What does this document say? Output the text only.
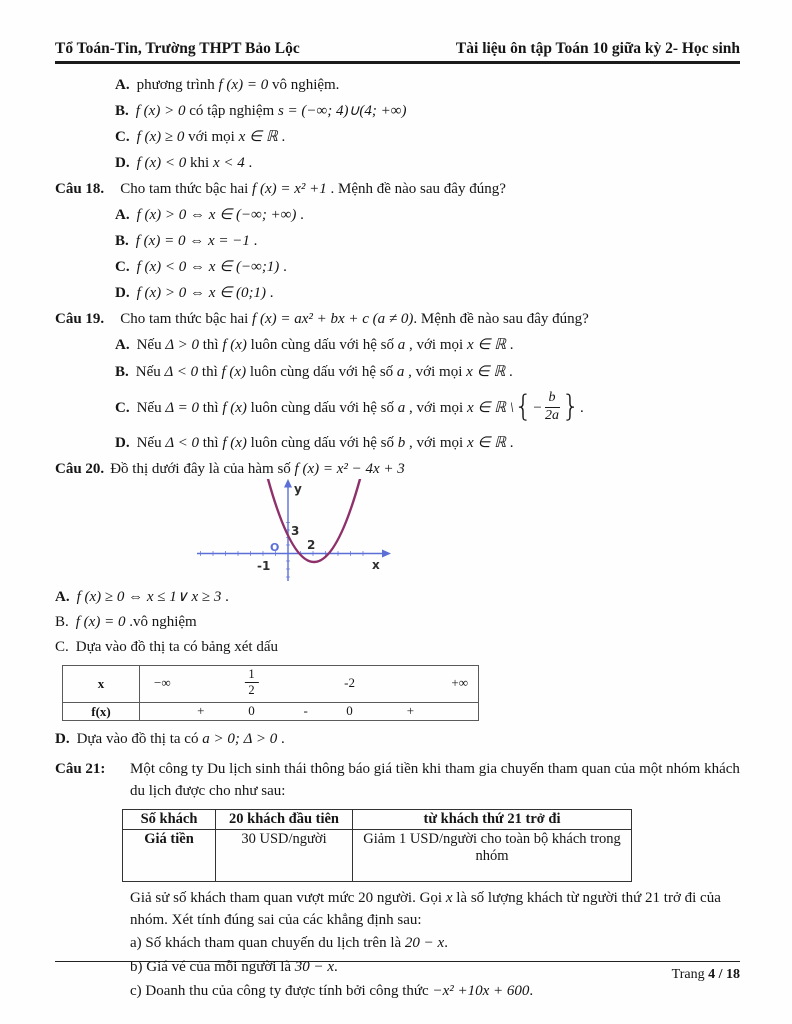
Tổ Toán-Tin, Trường THPT Bảo Lộc	Tài liệu ôn tập Toán 10 giữa kỳ 2- Học sinh
A. phương trình f (x) = 0 vô nghiệm.
B. f (x) > 0 có tập nghiệm s = (−∞; 4)∪(4; +∞)
C. f (x) ≥ 0 với mọi x ∈ ℝ .
D. f (x) < 0 khi x < 4 .
Câu 18. Cho tam thức bậc hai f (x) = x² +1 . Mệnh đề nào sau đây đúng?
A. f (x) > 0 ⇔ x ∈ (−∞; +∞) .
B. f (x) = 0 ⇔ x = −1 .
C. f (x) < 0 ⇔ x ∈ (−∞;1) .
D. f (x) > 0 ⇔ x ∈ (0;1) .
Câu 19. Cho tam thức bậc hai f (x) = ax² + bx + c (a ≠ 0). Mệnh đề nào sau đây đúng?
A. Nếu Δ > 0 thì f (x) luôn cùng dấu với hệ số a , với mọi x ∈ ℝ .
B. Nếu Δ < 0 thì f (x) luôn cùng dấu với hệ số a , với mọi x ∈ ℝ .
C. Nếu Δ = 0 thì f (x) luôn cùng dấu với hệ số a , với mọi x ∈ ℝ \{− $\frac{b}{2a}$ }.
D. Nếu Δ < 0 thì f (x) luôn cùng dấu với hệ số b , với mọi x ∈ ℝ .
Câu 20. Đồ thị dưới đây là của hàm số f (x) = x² − 4x + 3
y
x
3
2
-1
O
A. f (x) ≥ 0 ⇔ x ≤ 1∨ x ≥ 3 .
B. f (x) = 0 .vô nghiệm
C. Dựa vào đồ thị ta có bảng xét dấu
x	−∞	$\frac{1}{2}$	-2	+∞
f(x)	+	0	-	0	+
D. Dựa vào đồ thị ta có a > 0; Δ > 0 .
Câu 21:	Một công ty Du lịch sinh thái thông báo giá tiền khi tham gia chuyến tham quan của một nhóm khách du lịch được cho như sau:

Số khách	20 khách đầu tiên	từ khách thứ 21 trở đi
Giá tiền	30 USD/người	Giảm 1 USD/người cho toàn bộ khách trong nhóm
Giả sử số khách tham quan vượt mức 20 người. Gọi x là số lượng khách từ người thứ 21 trở đi của nhóm. Xét tính đúng sai của các khẳng định sau:
a) Số khách tham quan chuyến du lịch trên là 20 − x.
b) Giá vé của mỗi người là 30 − x.
c) Doanh thu của công ty được tính bởi công thức −x² +10x + 600.
Trang 4 / 18
